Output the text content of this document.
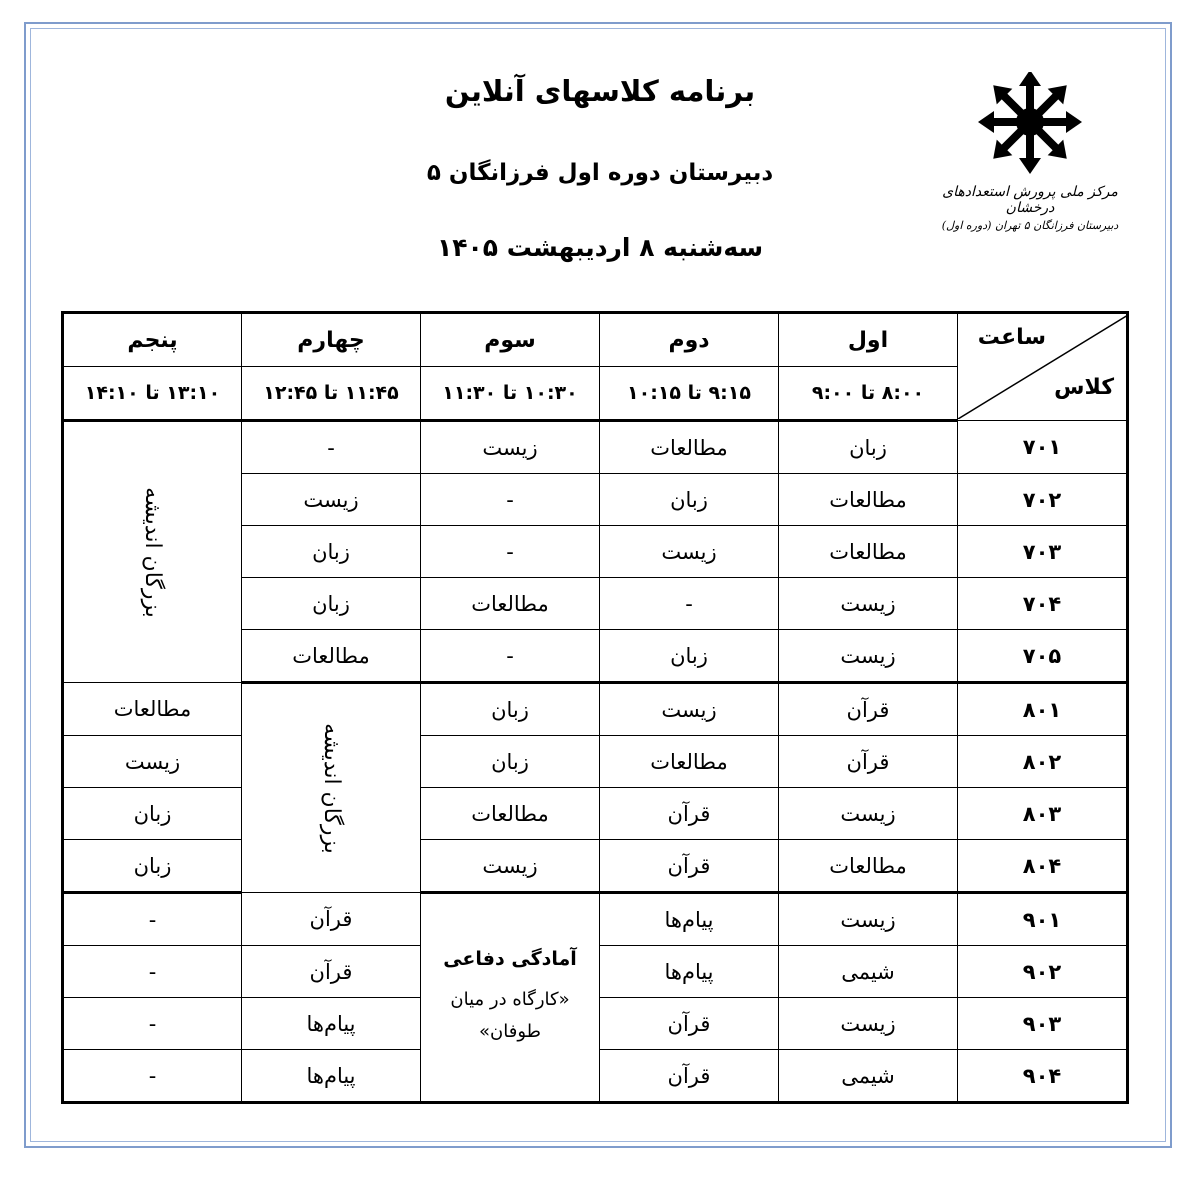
برنامه کلاسهای آنلاین
دبیرستان دوره اول فرزانگان ۵
سه‌شنبه ۸ اردیبهشت ۱۴۰۵
مرکز ملی پرورش استعدادهای درخشان
دبیرستان فرزانگان ۵ تهران (دوره اول)
ساعت
کلاس	اول	دوم	سوم	چهارم	پنجم
	۸:۰۰ تا ۹:۰۰	۹:۱۵ تا ۱۰:۱۵	۱۰:۳۰ تا ۱۱:۳۰	۱۱:۴۵ تا ۱۲:۴۵	۱۳:۱۰ تا ۱۴:۱۰
۷۰۱	زبان	مطالعات	زیست	-	بزرگان اندیشه
۷۰۲	مطالعات	زبان	-	زیست	
۷۰۳	مطالعات	زیست	-	زبان	
۷۰۴	زیست	-	مطالعات	زبان	
۷۰۵	زیست	زبان	-	مطالعات	
۸۰۱	قرآن	زیست	زبان	بزرگان اندیشه	مطالعات
۸۰۲	قرآن	مطالعات	زبان		زیست
۸۰۳	زیست	قرآن	مطالعات		زبان
۸۰۴	مطالعات	قرآن	زیست		زبان
۹۰۱	زیست	پیام‌ها	آمادگی دفاعی
«کارگاه در میان طوفان»	قرآن	-
۹۰۲	شیمی	پیام‌ها		قرآن	-
۹۰۳	زیست	قرآن		پیام‌ها	-
۹۰۴	شیمی	قرآن		پیام‌ها	-
